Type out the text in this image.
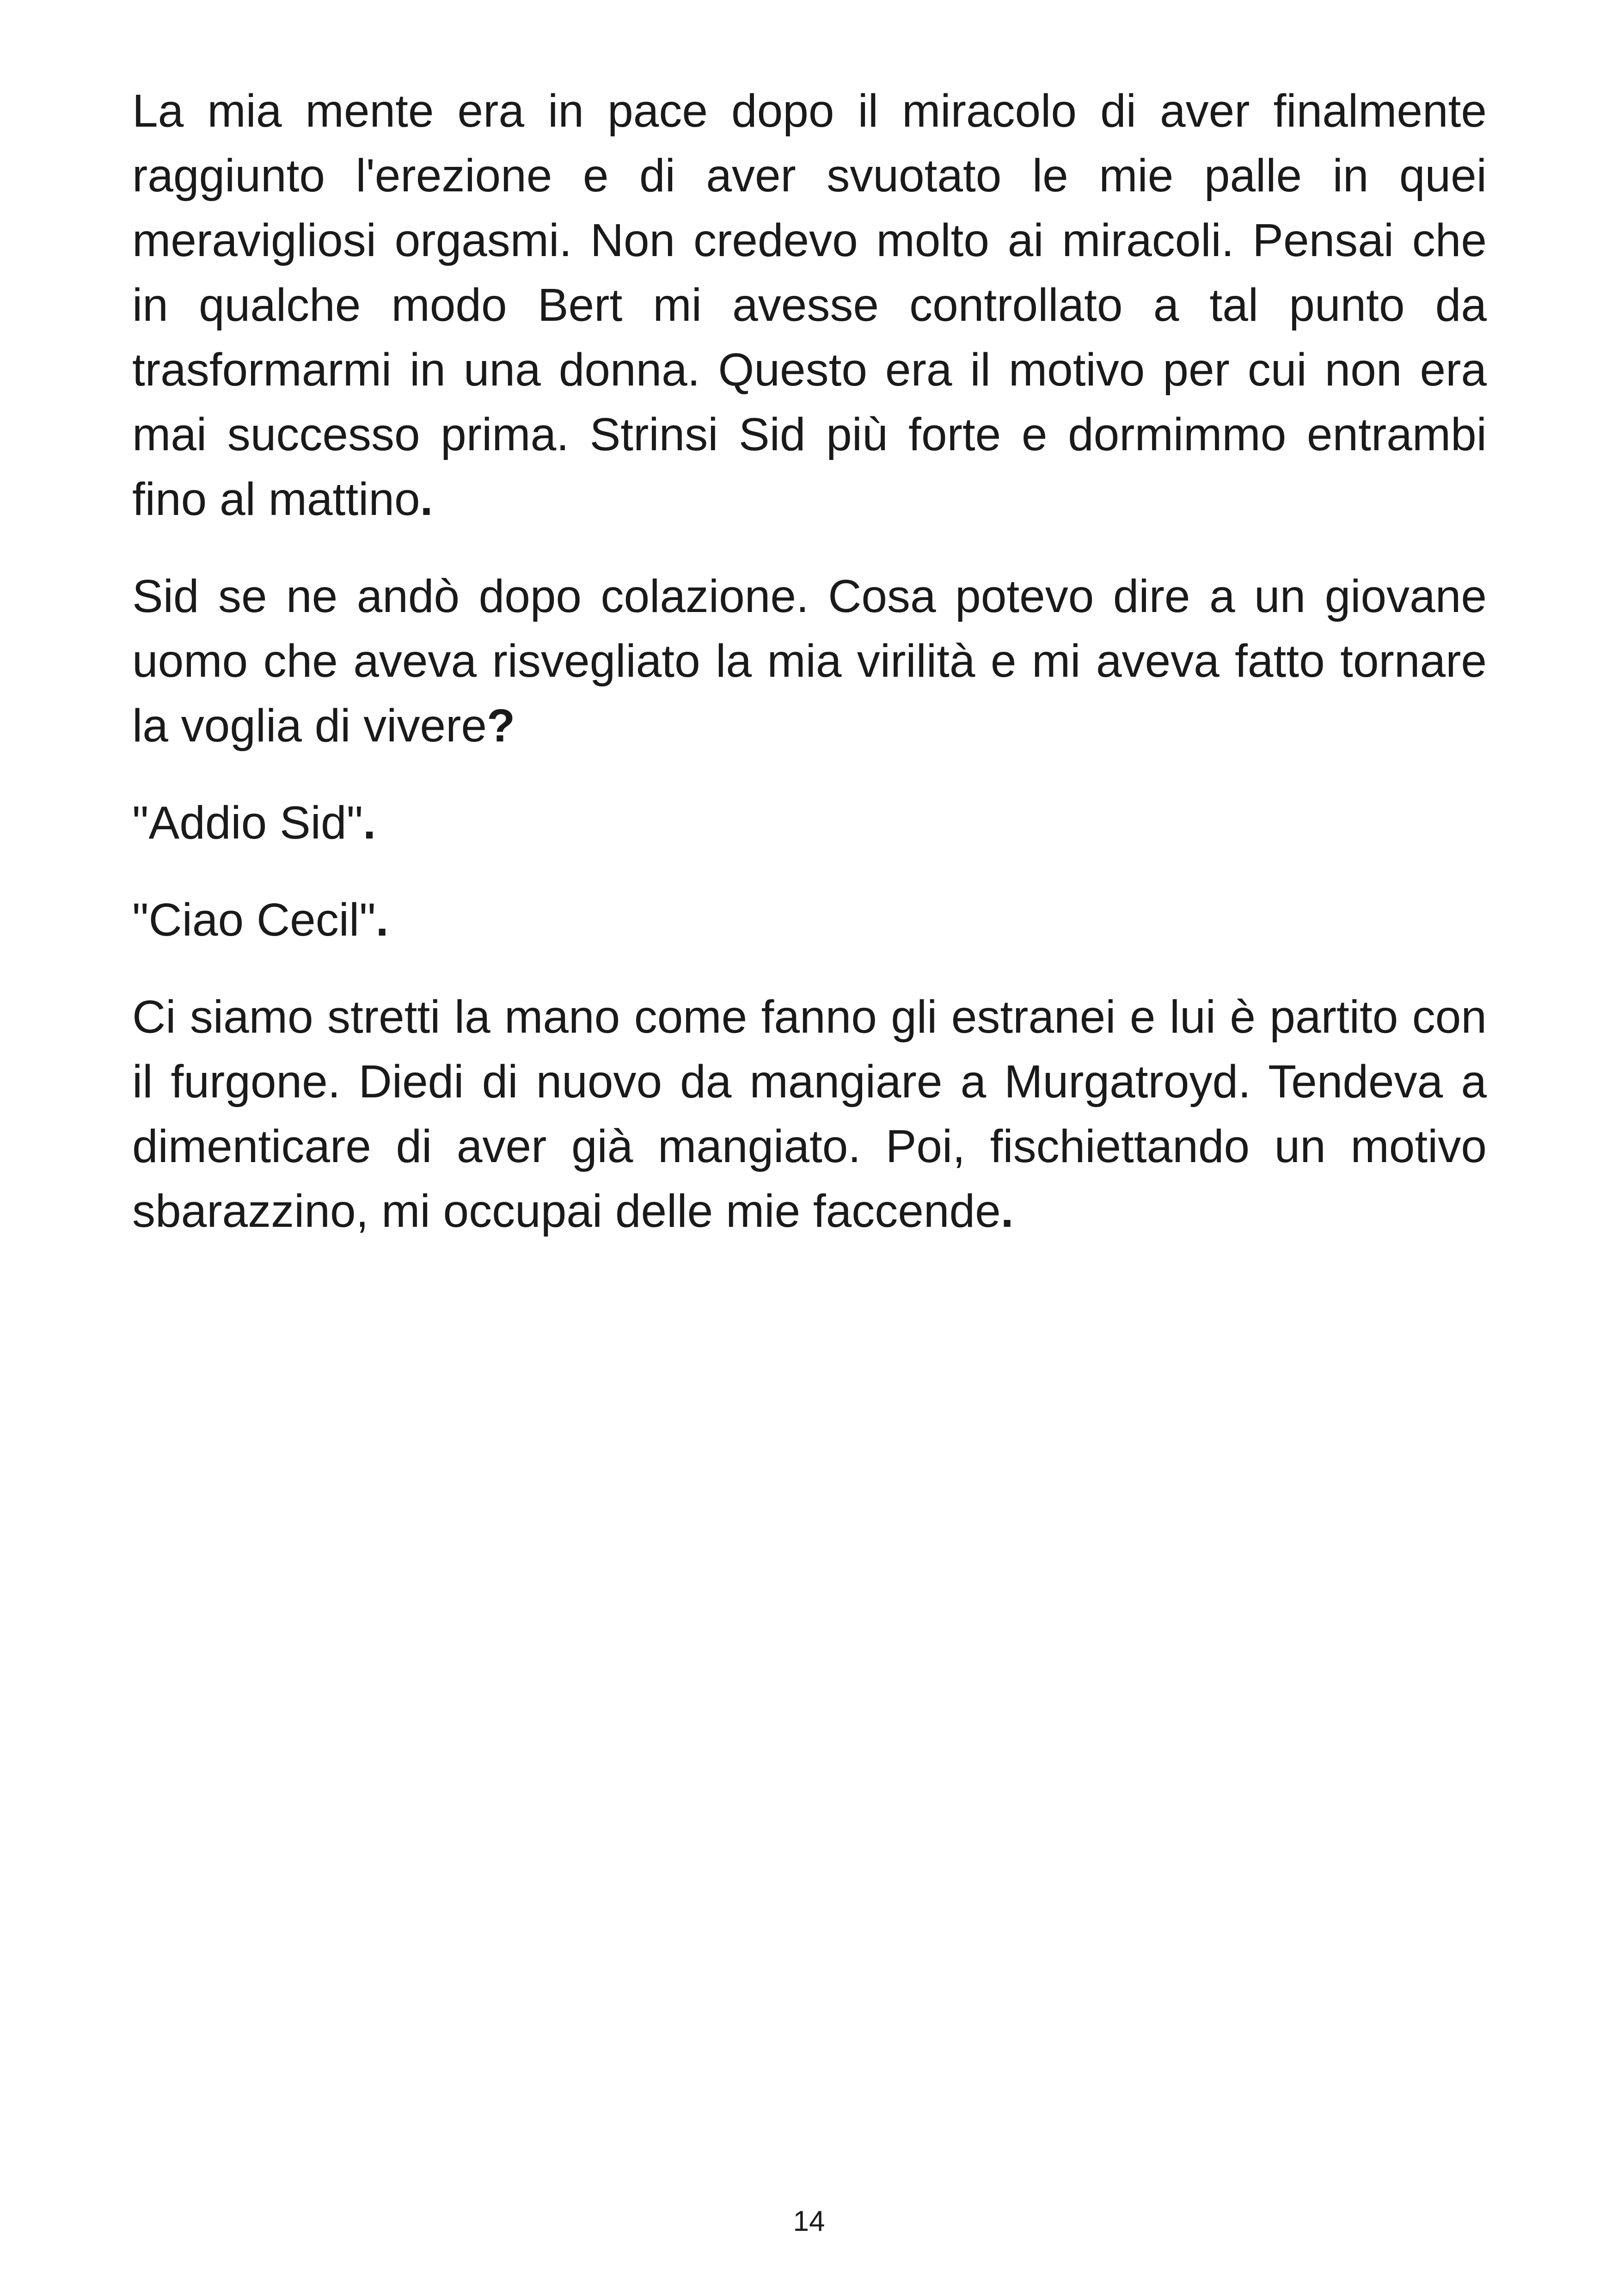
La mia mente era in pace dopo il miracolo di aver finalmente raggiunto l'erezione e di aver svuotato le mie palle in quei meravigliosi orgasmi. Non credevo molto ai miracoli. Pensai che in qualche modo Bert mi avesse controllato a tal punto da trasformarmi in una donna. Questo era il motivo per cui non era mai successo prima. Strinsi Sid più forte e dormimmo entrambi fino al mattino.

Sid se ne andò dopo colazione. Cosa potevo dire a un giovane uomo che aveva risvegliato la mia virilità e mi aveva fatto tornare la voglia di vivere?

"Addio Sid".

"Ciao Cecil".

Ci siamo stretti la mano come fanno gli estranei e lui è partito con il furgone. Diedi di nuovo da mangiare a Murgatroyd. Tendeva a dimenticare di aver già mangiato. Poi, fischiettando un motivo sbarazzino, mi occupai delle mie faccende.

14
